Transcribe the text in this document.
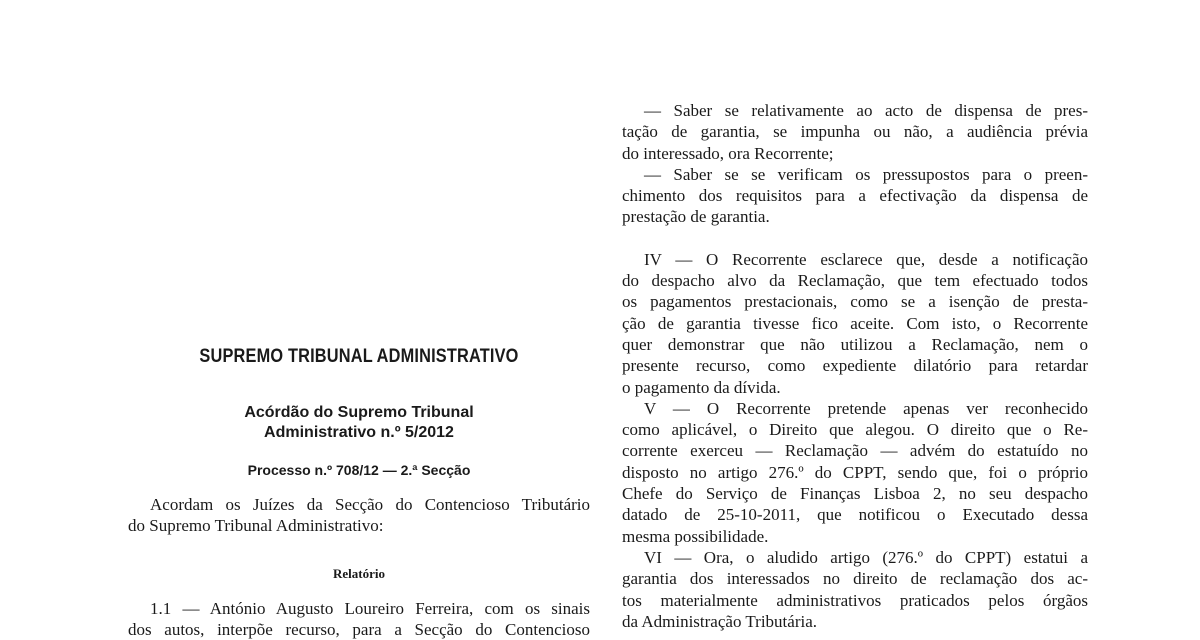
SUPREMO TRIBUNAL ADMINISTRATIVO
Acórdão do Supremo Tribunal
Administrativo n.º 5/2012
Processo n.º 708/12 — 2.ª Secção
Acordam os Juízes da Secção do Contencioso Tributário
do Supremo Tribunal Administrativo:
Relatório
1.1 — António Augusto Loureiro Ferreira, com os sinais
dos autos, interpõe recurso, para a Secção do Contencioso
— Saber se relativamente ao acto de dispensa de pres-
tação de garantia, se impunha ou não, a audiência prévia
do interessado, ora Recorrente;
— Saber se se verificam os pressupostos para o preen-
chimento dos requisitos para a efectivação da dispensa de
prestação de garantia.
IV — O Recorrente esclarece que, desde a notificação
do despacho alvo da Reclamação, que tem efectuado todos
os pagamentos prestacionais, como se a isenção de presta-
ção de garantia tivesse fico aceite. Com isto, o Recorrente
quer demonstrar que não utilizou a Reclamação, nem o
presente recurso, como expediente dilatório para retardar
o pagamento da dívida.
V — O Recorrente pretende apenas ver reconhecido
como aplicável, o Direito que alegou. O direito que o Re-
corrente exerceu — Reclamação — advém do estatuído no
disposto no artigo 276.º do CPPT, sendo que, foi o próprio
Chefe do Serviço de Finanças Lisboa 2, no seu despacho
datado de 25-10-2011, que notificou o Executado dessa
mesma possibilidade.
VI — Ora, o aludido artigo (276.º do CPPT) estatui a
garantia dos interessados no direito de reclamação dos ac-
tos materialmente administrativos praticados pelos órgãos
da Administração Tributária.
